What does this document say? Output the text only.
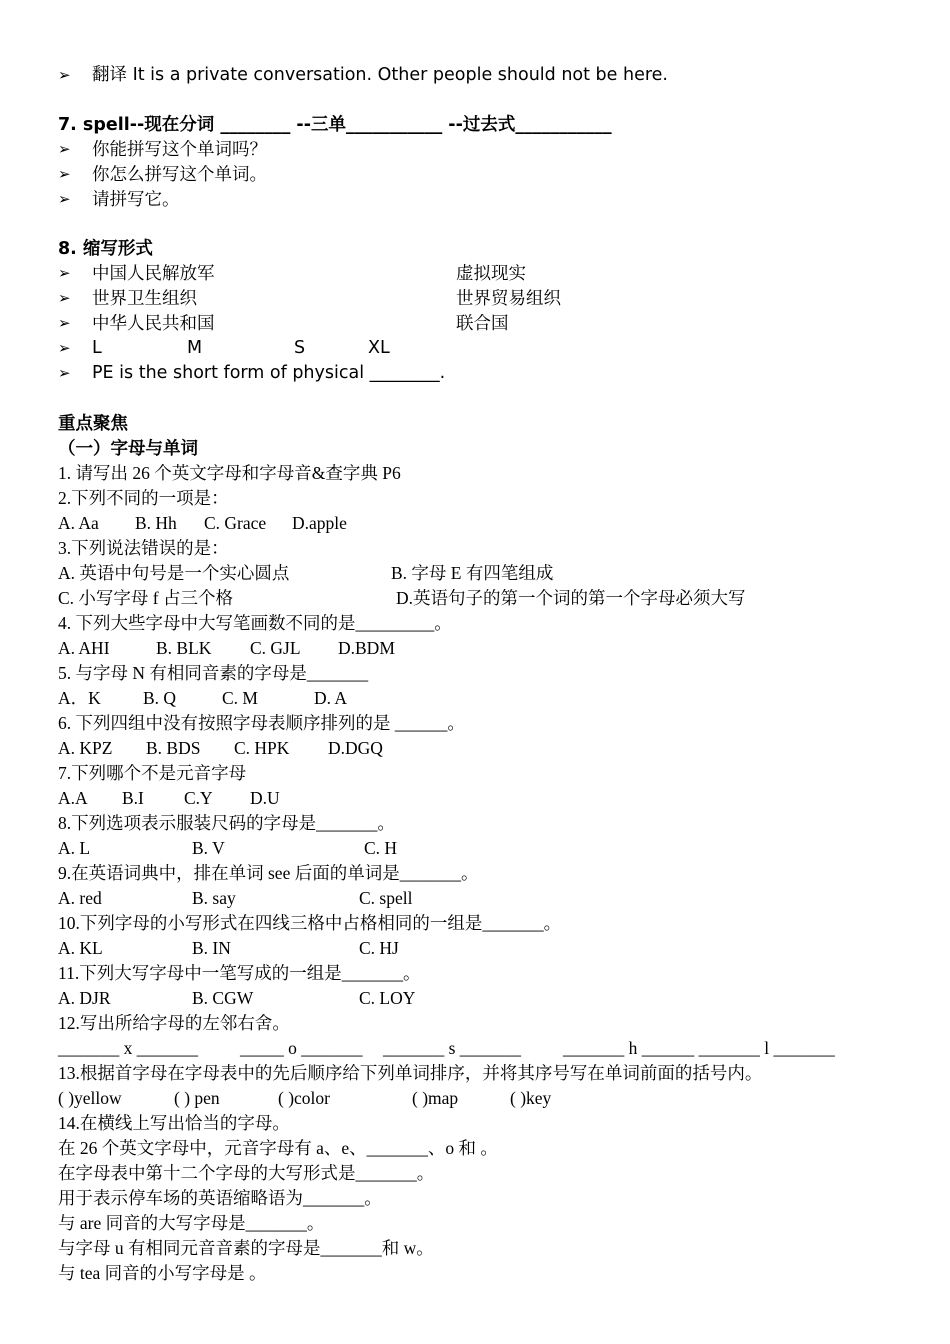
➢ 翻译 It is a private conversation. Other people should not be here.
7. spell--现在分词 ________ --三单___________ --过去式___________
➢ 你能拼写这个单词吗？
➢ 你怎么拼写这个单词。
➢ 请拼写它。
8. 缩写形式
➢ 中国人民解放军	虚拟现实
➢ 世界卫生组织	世界贸易组织
➢ 中华人民共和国	联合国
➢ L	M	S	XL
➢ PE is the short form of physical ________.
重点聚焦
（一）字母与单词
1. 请写出 26 个英文字母和字母音&查字典 P6
2.下列不同的一项是：
A. Aa B. Hh C. Grace D.apple
3.下列说法错误的是：
A. 英语中句号是一个实心圆点	B. 字母 E 有四笔组成
C. 小写字母 f 占三个格	D.英语句子的第一个词的第一个字母必须大写
4. 下列大些字母中大写笔画数不同的是_________。
A. AHI	B. BLK C. GJL D.BDM
5. 与字母 N 有相同音素的字母是_______
A．K B. Q	C. M	D. A
6. 下列四组中没有按照字母表顺序排列的是 ______。
A. KPZ B. BDS C. HPK D.DGQ
7.下列哪个不是元音字母
A.A B.I C.Y D.U
8.下列选项表示服装尺码的字母是_______。
A. L	B. V	C. H
9.在英语词典中，排在单词 see 后面的单词是_______。
A. red	B. say	C. spell
10.下列字母的小写形式在四线三格中占格相同的一组是_______。
A. KL	B. IN	C. HJ
11.下列大写字母中一笔写成的一组是_______。
A. DJR	B. CGW	C. LOY
12.写出所给字母的左邻右舍。
_______ x _______ _____ o _______ _______ s _______ _______ h ______ _______ l _______
13.根据首字母在字母表中的先后顺序给下列单词排序，并将其序号写在单词前面的括号内。
( )yellow	( ) pen	( )color	( )map	( )key
14.在横线上写出恰当的字母。
在 26 个英文字母中，元音字母有 a、e、_______、o 和 。
在字母表中第十二个字母的大写形式是_______。
用于表示停车场的英语缩略语为_______。
与 are 同音的大写字母是_______。
与字母 u 有相同元音音素的字母是_______和 w。
与 tea 同音的小写字母是 。
